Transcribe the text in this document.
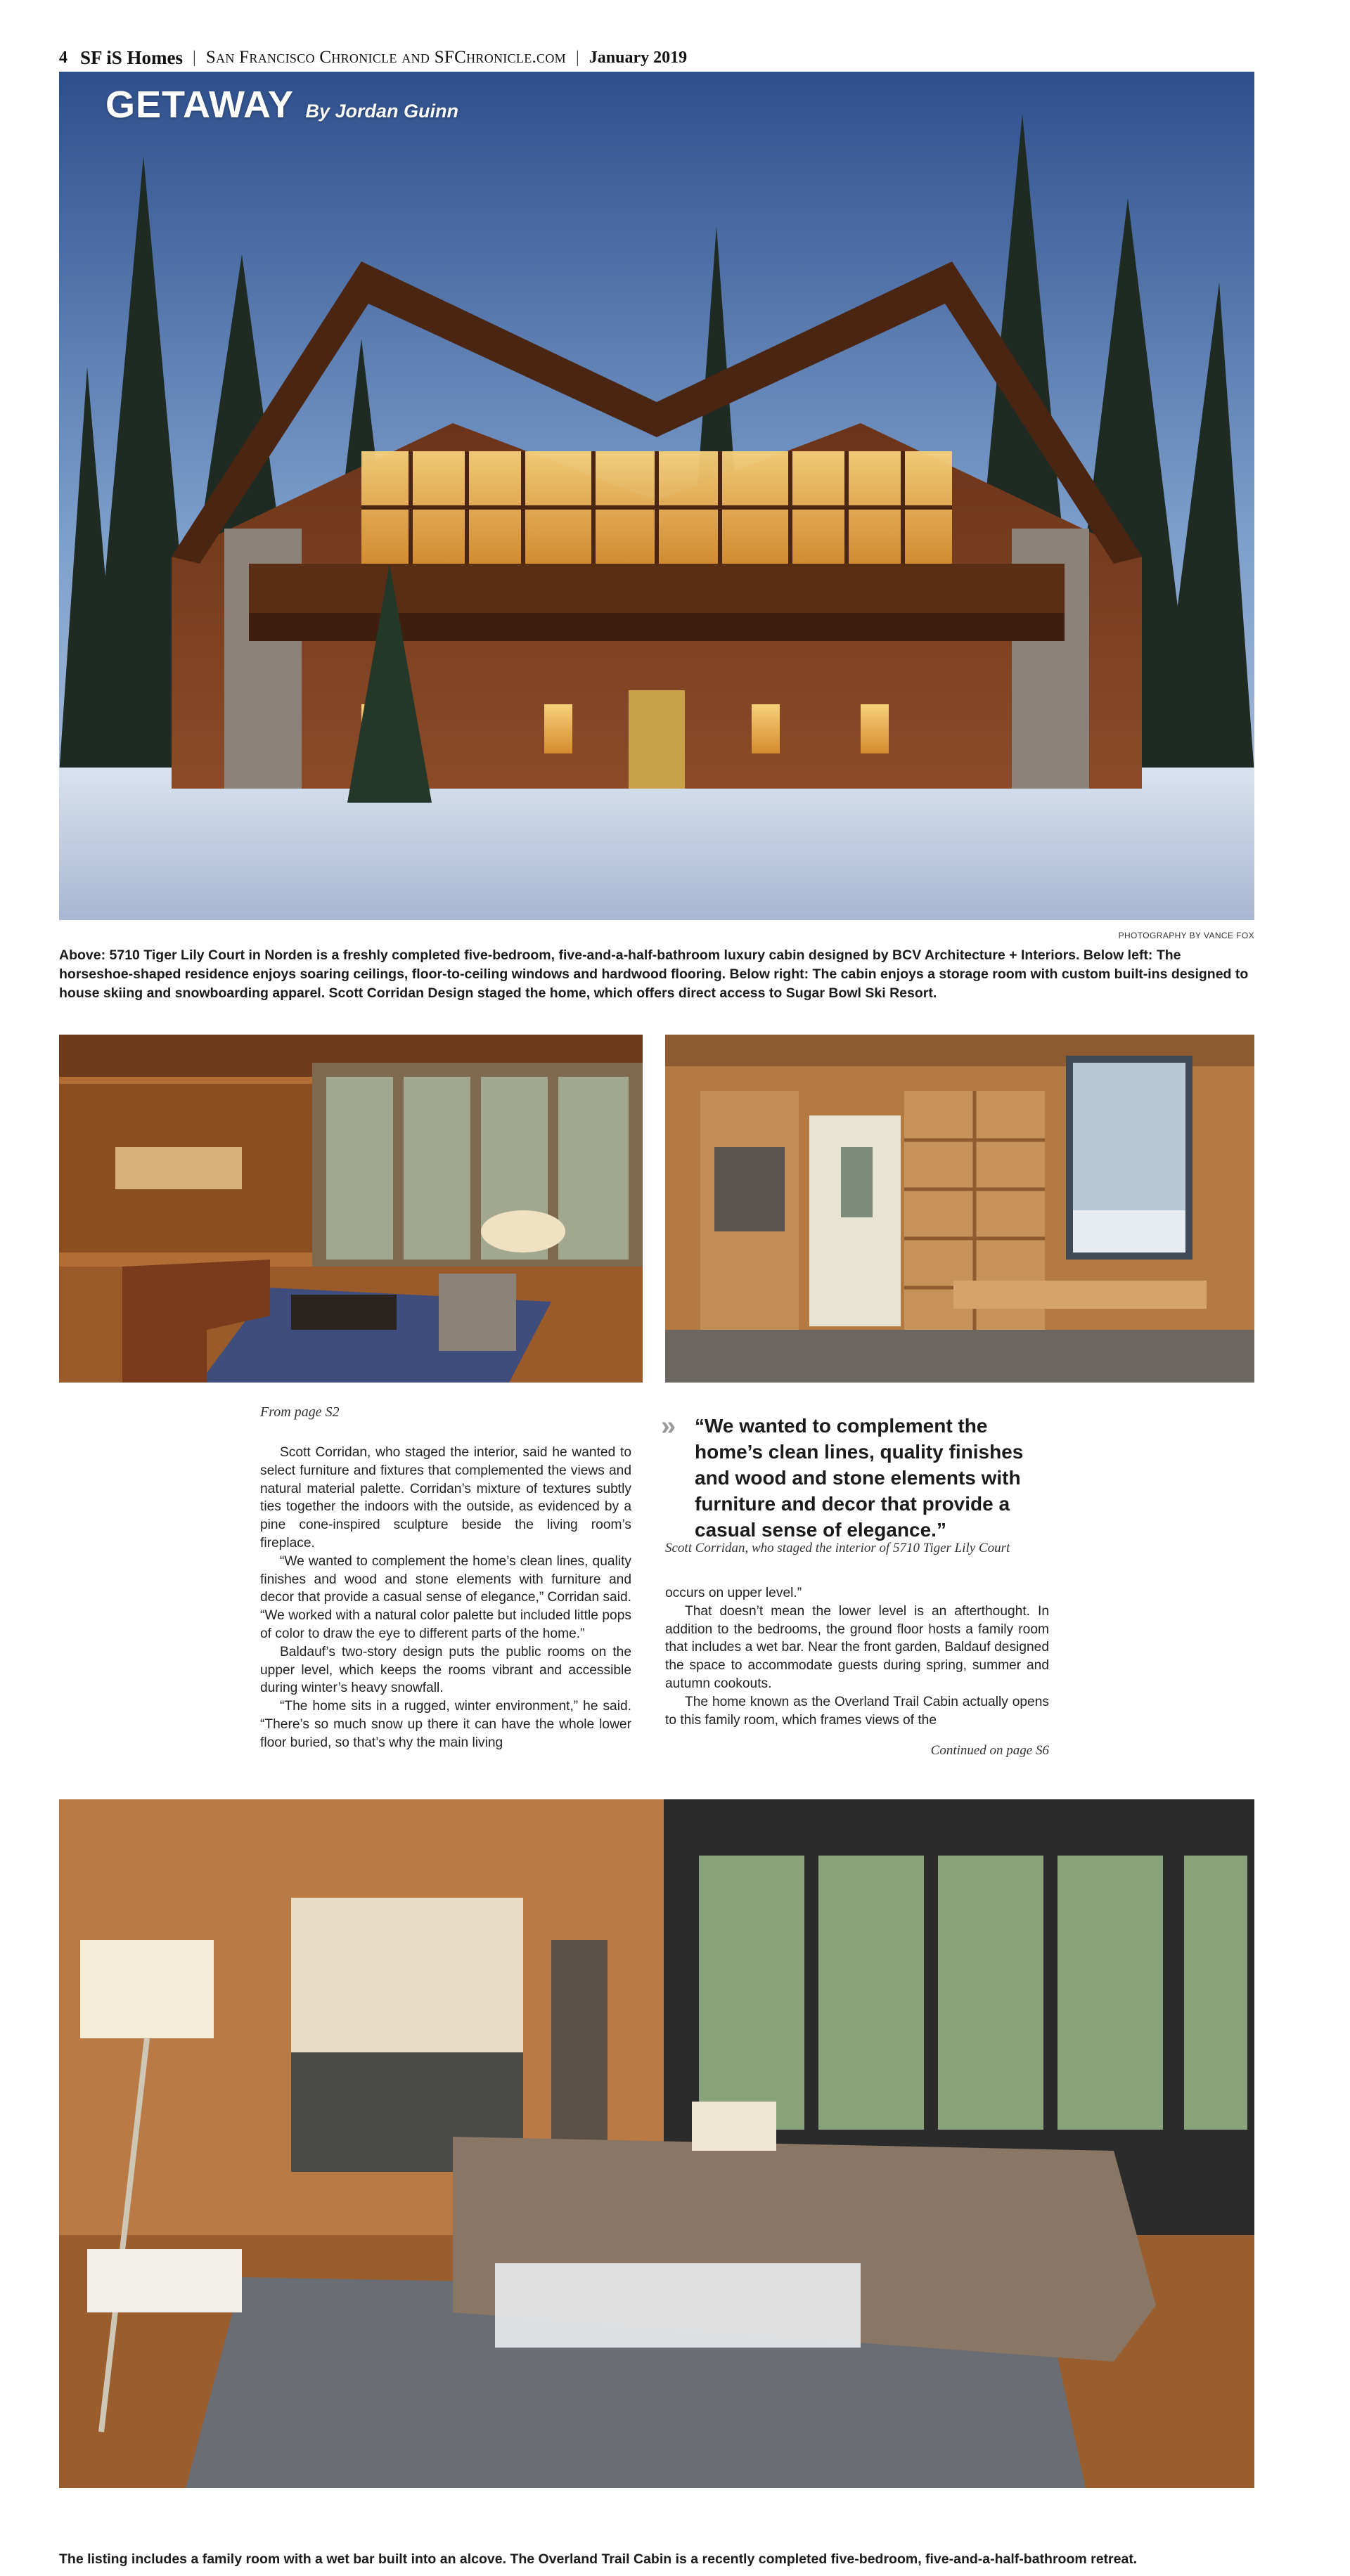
4 SF iS Homes | San Francisco Chronicle and SFChronicle.com | January 2019
GETAWAY By Jordan Guinn
PHOTOGRAPHY BY VANCE FOX
Above: 5710 Tiger Lily Court in Norden is a freshly completed five-bedroom, five-and-a-half-bathroom luxury cabin designed by BCV Architecture + Interiors. Below left: The horseshoe-shaped residence enjoys soaring ceilings, floor-to-ceiling windows and hardwood flooring. Below right: The cabin enjoys a storage room with custom built-ins designed to house skiing and snowboarding apparel. Scott Corridan Design staged the home, which offers direct access to Sugar Bowl Ski Resort.
From page S2

Scott Corridan, who staged the interior, said he wanted to select furniture and fixtures that complemented the views and natural material palette. Corridan’s mixture of textures subtly ties together the indoors with the outside, as evidenced by a pine cone-inspired sculpture beside the living room’s fireplace.

“We wanted to complement the home’s clean lines, quality finishes and wood and stone elements with furniture and decor that provide a casual sense of elegance,” Corridan said. “We worked with a natural color palette but included little pops of color to draw the eye to different parts of the home.”

Baldauf’s two-story design puts the public rooms on the upper level, which keeps the rooms vibrant and accessible during winter’s heavy snowfall.

“The home sits in a rugged, winter environment,” he said. “There’s so much snow up there it can have the whole lower floor buried, so that’s why the main living

» “We wanted to complement the home’s clean lines, quality finishes and wood and stone elements with furniture and decor that provide a casual sense of elegance.”
Scott Corridan, who staged the interior of 5710 Tiger Lily Court

occurs on upper level.”

That doesn’t mean the lower level is an afterthought. In addition to the bedrooms, the ground floor hosts a family room that includes a wet bar. Near the front garden, Baldauf designed the space to accommodate guests during spring, summer and autumn cookouts.

The home known as the Overland Trail Cabin actually opens to this family room, which frames views of the

Continued on page S6
The listing includes a family room with a wet bar built into an alcove. The Overland Trail Cabin is a recently completed five-bedroom, five-and-a-half-bathroom retreat.
